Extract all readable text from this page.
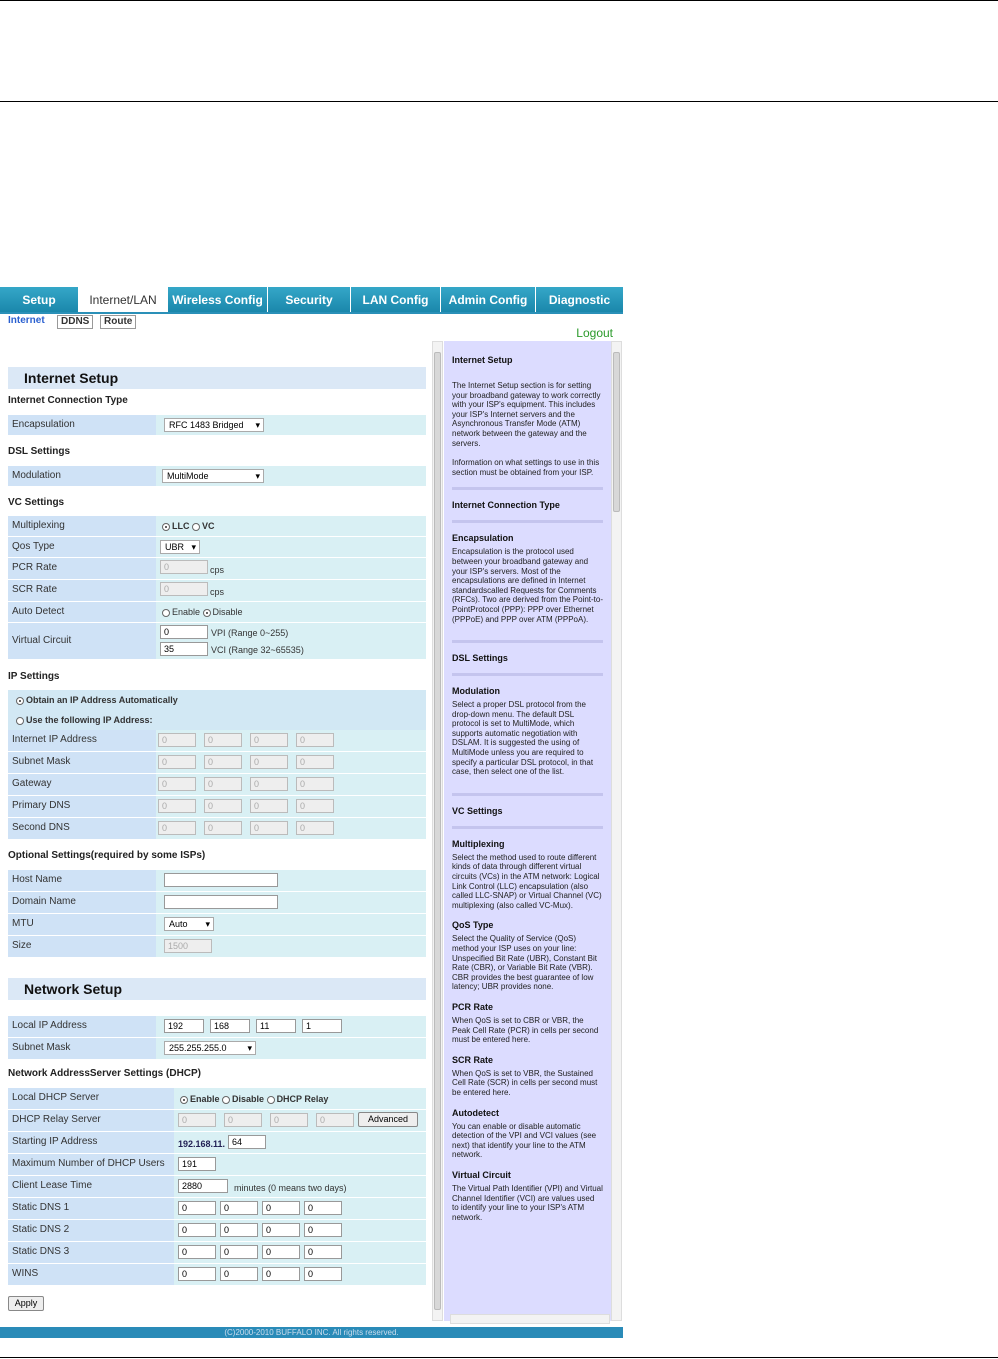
Setup	Internet/LAN	Wireless Config	Security	LAN Config	Admin Config	Diagnostic
Internet	DDNS	Route
Logout
Internet Setup
Internet Connection Type
Encapsulation	RFC 1483 Bridged ▾
DSL Settings
Modulation	MultiMode ▾
VC Settings
Multiplexing	LLC VC
Qos Type	UBR ▾
PCR Rate	0	cps
SCR Rate	0	cps
Auto Detect	Enable Disable
Virtual Circuit
0	VPI (Range 0~255)
35	VCI (Range 32~65535)
IP Settings
Obtain an IP Address Automatically
Use the following IP Address:
Internet IP Address	0	0	0	0
Subnet Mask	0	0	0	0
Gateway	0	0	0	0
Primary DNS	0	0	0	0
Second DNS	0	0	0	0
Optional Settings(required by some ISPs)
Host Name
Domain Name
MTU	Auto ▾
Size	1500
Network Setup
Local IP Address	192	168	11	1
Subnet Mask	255.255.255.0 ▾
Network AddressServer Settings (DHCP)
Local DHCP Server	Enable Disable DHCP Relay
DHCP Relay Server	0	0	0	0	Advanced
Starting IP Address	192.168.11. 64
Maximum Number of DHCP Users	191
Client Lease Time	2880	minutes (0 means two days)
Static DNS 1	0	0	0	0
Static DNS 2	0	0	0	0
Static DNS 3	0	0	0	0
WINS	0	0	0	0
Apply
Internet Setup

The Internet Setup section is for setting your broadband gateway to work correctly with your ISP's equipment. This includes your ISP's Internet servers and the Asynchronous Transfer Mode (ATM) network between the gateway and the servers.

Information on what settings to use in this section must be obtained from your ISP.

Internet Connection Type
Encapsulation

Encapsulation is the protocol used between your broadband gateway and your ISP's servers. Most of the encapsulations are defined in Internet standardscalled Requests for Comments (RFCs). Two are derived from the Point-to-PointProtocol (PPP): PPP over Ethernet (PPPoE) and PPP over ATM (PPPoA).

DSL Settings
Modulation

Select a proper DSL protocol from the drop-down menu. The default DSL protocol is set to MultiMode, which supports automatic negotiation with DSLAM. It is suggested the using of MultiMode unless you are required to specify a particular DSL protocol, in that case, then select one of the list.

VC Settings
Multiplexing

Select the method used to route different kinds of data through different virtual circuits (VCs) in the ATM network: Logical Link Control (LLC) encapsulation (also called LLC-SNAP) or Virtual Channel (VC) multiplexing (also called VC-Mux).

QoS Type

Select the Quality of Service (QoS) method your ISP uses on your line: Unspecified Bit Rate (UBR), Constant Bit Rate (CBR), or Variable Bit Rate (VBR). CBR provides the best guarantee of low latency; UBR provides none.

PCR Rate

When QoS is set to CBR or VBR, the Peak Cell Rate (PCR) in cells per second must be entered here.

SCR Rate

When QoS is set to VBR, the Sustained Cell Rate (SCR) in cells per second must be entered here.

Autodetect

You can enable or disable automatic detection of the VPI and VCI values (see next) that identify your line to the ATM network.

Virtual Circuit

The Virtual Path Identifier (VPI) and Virtual Channel Identifier (VCI) are values used to identify your line to your ISP's ATM network.

(C)2000-2010 BUFFALO INC. All rights reserved.
